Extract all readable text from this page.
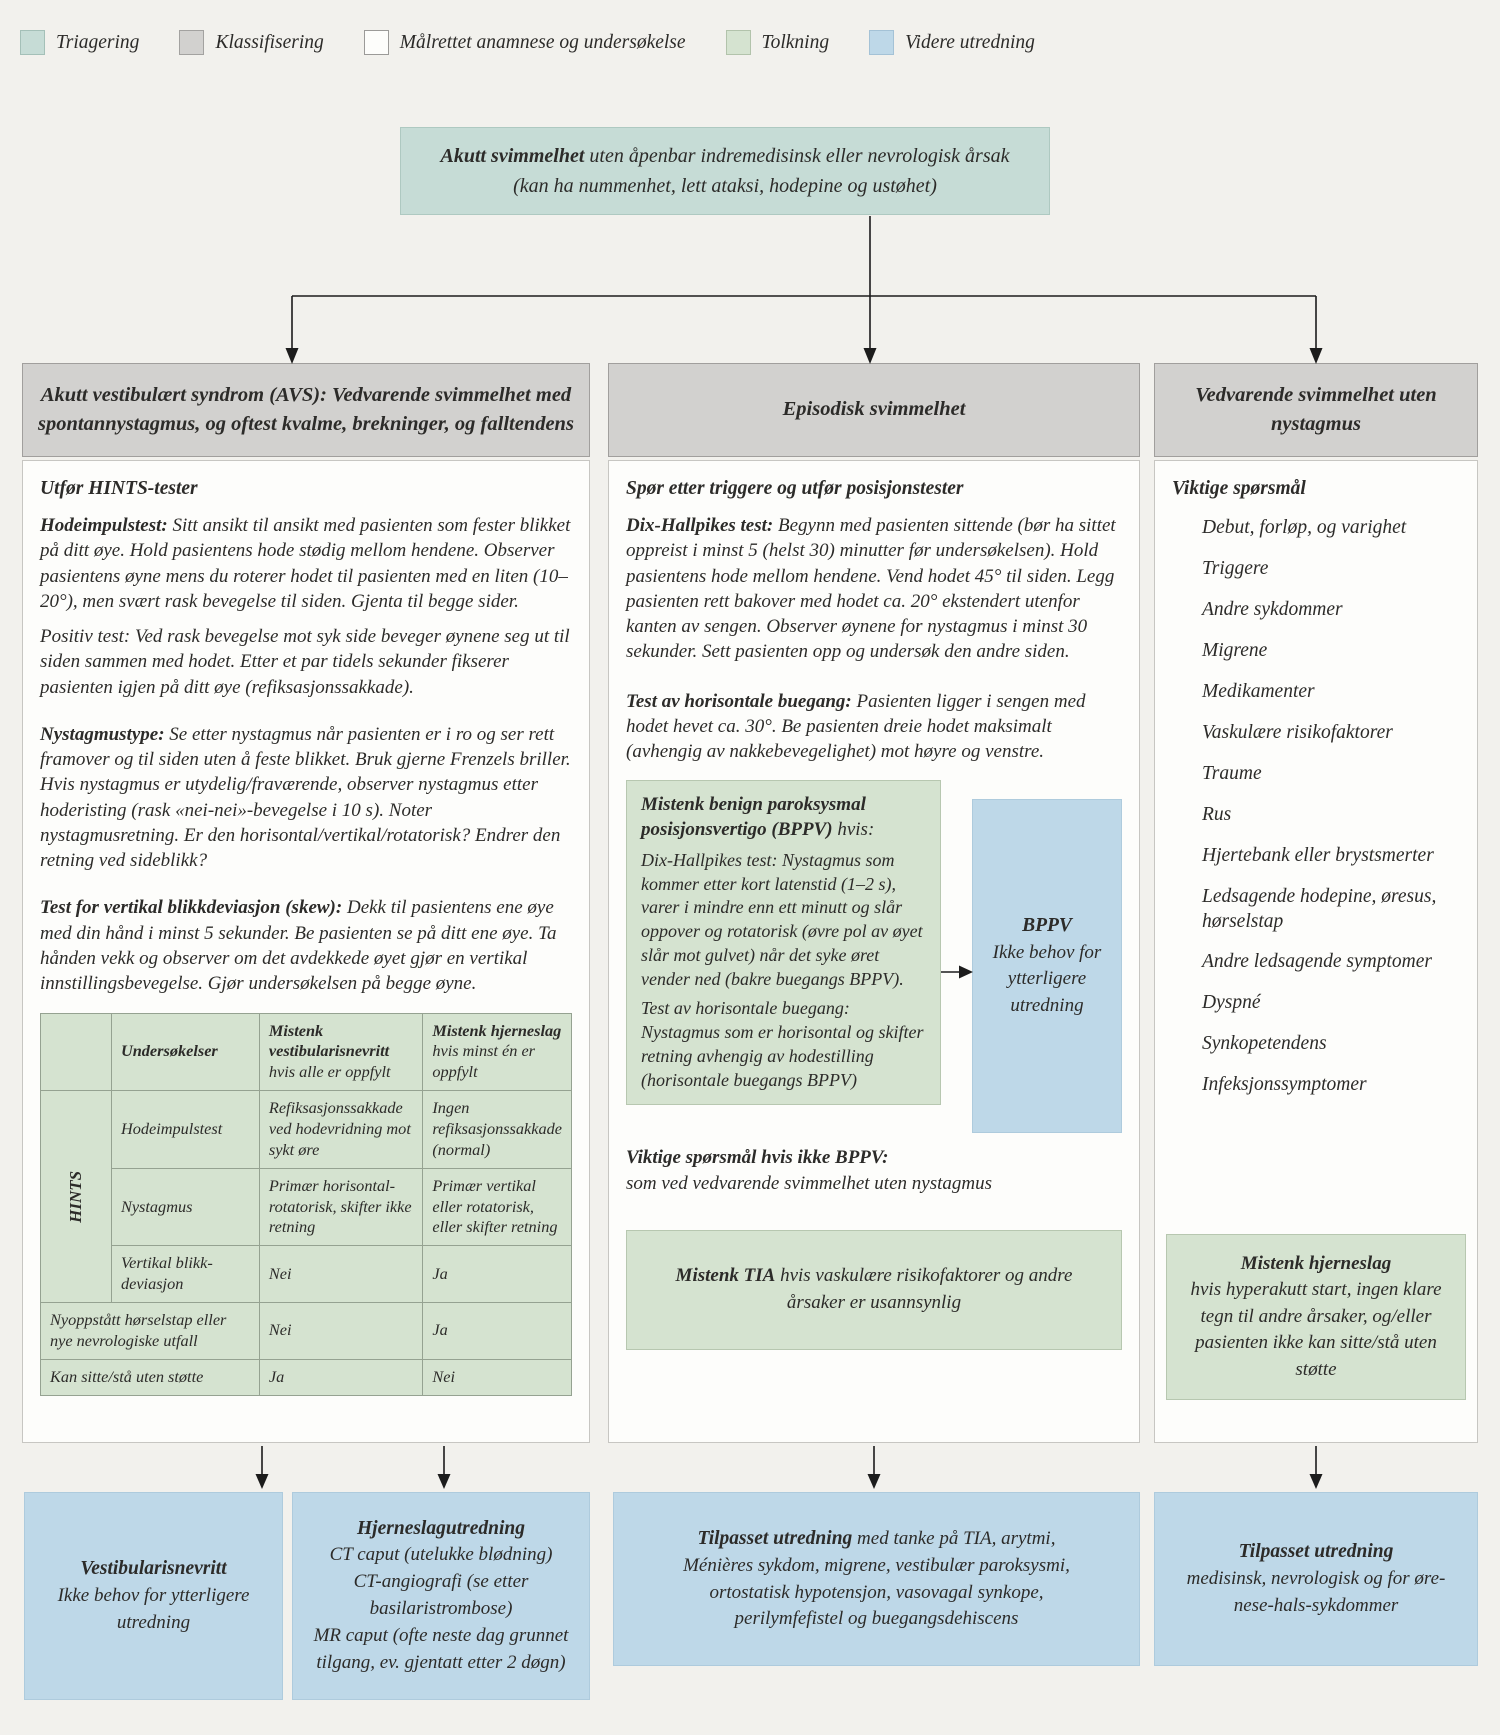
Triagering	Klassifisering	Målrettet anamnese og undersøkelse	Tolkning	Videre utredning
Akutt svimmelhet uten åpenbar indremedisinsk eller nevrologisk årsak
(kan ha nummenhet, lett ataksi, hodepine og ustøhet)
Akutt vestibulært syndrom (AVS): Vedvarende svimmelhet med spontannystagmus, og oftest kvalme, brekninger, og falltendens
Episodisk svimmelhet
Vedvarende svimmelhet uten nystagmus
Utfør HINTS-tester
Hodeimpulstest: Sitt ansikt til ansikt med pasienten som fester blikket på ditt øye. Hold pasientens hode stødig mellom hendene. Observer pasientens øyne mens du roterer hodet til pasienten med en liten (10–20°), men svært rask bevegelse til siden. Gjenta til begge sider.
Positiv test: Ved rask bevegelse mot syk side beveger øynene seg ut til siden sammen med hodet. Etter et par tidels sekunder fikserer pasienten igjen på ditt øye (refiksasjonssakkade).
Nystagmustype: Se etter nystagmus når pasienten er i ro og ser rett framover og til siden uten å feste blikket. Bruk gjerne Frenzels briller. Hvis nystagmus er utydelig/fraværende, observer nystagmus etter hoderisting (rask «nei-nei»-bevegelse i 10 s). Noter nystagmusretning. Er den horisontal/vertikal/rotatorisk? Endrer den retning ved sideblikk?
Test for vertikal blikkdeviasjon (skew): Dekk til pasientens ene øye med din hånd i minst 5 sekunder. Be pasienten se på ditt ene øye. Ta hånden vekk og observer om det avdekkede øyet gjør en vertikal innstillingsbevegelse. Gjør undersøkelsen på begge øyne.
	Undersøkelser	Mistenk vestibularisnevritt hvis alle er oppfylt	Mistenk hjerneslag hvis minst én er oppfylt
HINTS	Hodeimpulstest	Refiksasjonssakkade ved hodevridning mot sykt øre	Ingen refiksasjonssakkade (normal)
	Nystagmus	Primær horisontal-rotatorisk, skifter ikke retning	Primær vertikal eller rotatorisk, eller skifter retning
	Vertikal blikk-deviasjon	Nei	Ja
Nyoppstått hørselstap eller nye nevrologiske utfall		Nei	Ja
Kan sitte/stå uten støtte		Ja	Nei
Spør etter triggere og utfør posisjonstester
Dix-Hallpikes test: Begynn med pasienten sittende (bør ha sittet oppreist i minst 5 (helst 30) minutter før undersøkelsen). Hold pasientens hode mellom hendene. Vend hodet 45° til siden. Legg pasienten rett bakover med hodet ca. 20° ekstendert utenfor kanten av sengen. Observer øynene for nystagmus i minst 30 sekunder. Sett pasienten opp og undersøk den andre siden.
Test av horisontale buegang: Pasienten ligger i sengen med hodet hevet ca. 30°. Be pasienten dreie hodet maksimalt (avhengig av nakkebevegelighet) mot høyre og venstre.
Mistenk benign paroksysmal posisjonsvertigo (BPPV) hvis:
Dix-Hallpikes test: Nystagmus som kommer etter kort latenstid (1–2 s), varer i mindre enn ett minutt og slår oppover og rotatorisk (øvre pol av øyet slår mot gulvet) når det syke øret vender ned (bakre buegangs BPPV).
Test av horisontale buegang: Nystagmus som er horisontal og skifter retning avhengig av hodestilling (horisontale buegangs BPPV)
BPPV
Ikke behov for ytterligere utredning
Viktige spørsmål hvis ikke BPPV:
som ved vedvarende svimmelhet uten nystagmus
Mistenk TIA hvis vaskulære risikofaktorer og andre årsaker er usannsynlig
Viktige spørsmål
Debut, forløp, og varighet
Triggere
Andre sykdommer
Migrene
Medikamenter
Vaskulære risikofaktorer
Traume
Rus
Hjertebank eller brystsmerter
Ledsagende hodepine, øresus, hørselstap
Andre ledsagende symptomer
Dyspné
Synkopetendens
Infeksjonssymptomer
Mistenk hjerneslag
hvis hyperakutt start, ingen klare tegn til andre årsaker, og/eller pasienten ikke kan sitte/stå uten støtte
Vestibularisnevritt
Ikke behov for ytterligere utredning
Hjerneslagutredning
CT caput (utelukke blødning)
CT-angiografi (se etter basilaristrombose)
MR caput (ofte neste dag grunnet tilgang, ev. gjentatt etter 2 døgn)
Tilpasset utredning med tanke på TIA, arytmi, Ménières sykdom, migrene, vestibulær paroksysmi, ortostatisk hypotensjon, vasovagal synkope, perilymfefistel og buegangsdehiscens
Tilpasset utredning
medisinsk, nevrologisk og for øre-nese-hals-sykdommer
